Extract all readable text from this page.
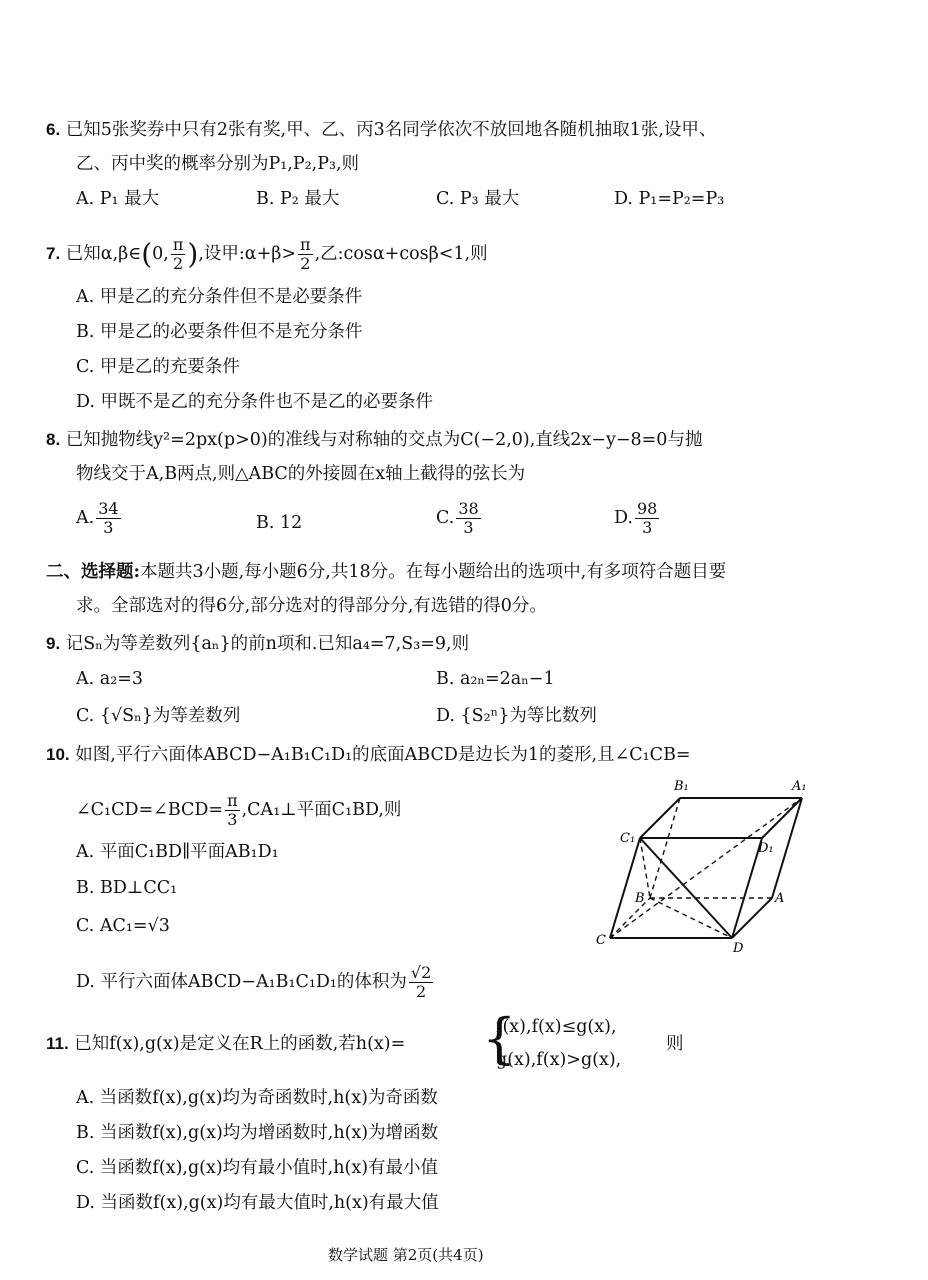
6. 已知5张奖券中只有2张有奖,甲、乙、丙3名同学依次不放回地各随机抽取1张,设甲、
乙、丙中奖的概率分别为P₁,P₂,P₃,则
A. P₁ 最大	B. P₂ 最大	C. P₃ 最大	D. P₁=P₂=P₃
7. 已知α,β∈(0, $\frac{\pi}{2}$ ),设甲:α+β> $\frac{\pi}{2}$ ,乙:cosα+cosβ<1,则
A. 甲是乙的充分条件但不是必要条件
B. 甲是乙的必要条件但不是充分条件
C. 甲是乙的充要条件
D. 甲既不是乙的充分条件也不是乙的必要条件
8. 已知抛物线y²=2px(p>0)的准线与对称轴的交点为C(−2,0),直线2x−y−8=0与抛
物线交于A,B两点,则△ABC的外接圆在x轴上截得的弦长为
A. $\frac{34}{3}$	B. 12	C. $\frac{38}{3}$	D. $\frac{98}{3}$
二、选择题:本题共3小题,每小题6分,共18分。在每小题给出的选项中,有多项符合题目要
求。全部选对的得6分,部分选对的得部分分,有选错的得0分。
9. 记Sₙ为等差数列{aₙ}的前n项和.已知a₄=7,S₃=9,则
A. a₂=3	B. a₂ₙ=2aₙ−1
C. {√Sₙ}为等差数列	D. {S₂ⁿ}为等比数列
10. 如图,平行六面体ABCD−A₁B₁C₁D₁的底面ABCD是边长为1的菱形,且∠C₁CB=
∠C₁CD=∠BCD= $\frac{\pi}{3}$ ,CA₁⊥平面C₁BD,则
A. 平面C₁BD∥平面AB₁D₁
B. BD⊥CC₁
C. AC₁=√3
D. 平行六面体ABCD−A₁B₁C₁D₁的体积为 $\frac{√2}{2}$
B₁	A₁
C₁
D₁
B	A
C
D
11. 已知f(x),g(x)是定义在R上的函数,若h(x)= {
f(x),f(x)≤g(x),
g(x),f(x)>g(x),
则
A. 当函数f(x),g(x)均为奇函数时,h(x)为奇函数
B. 当函数f(x),g(x)均为增函数时,h(x)为增函数
C. 当函数f(x),g(x)均有最小值时,h(x)有最小值
D. 当函数f(x),g(x)均有最大值时,h(x)有最大值
数学试题 第2页(共4页)
